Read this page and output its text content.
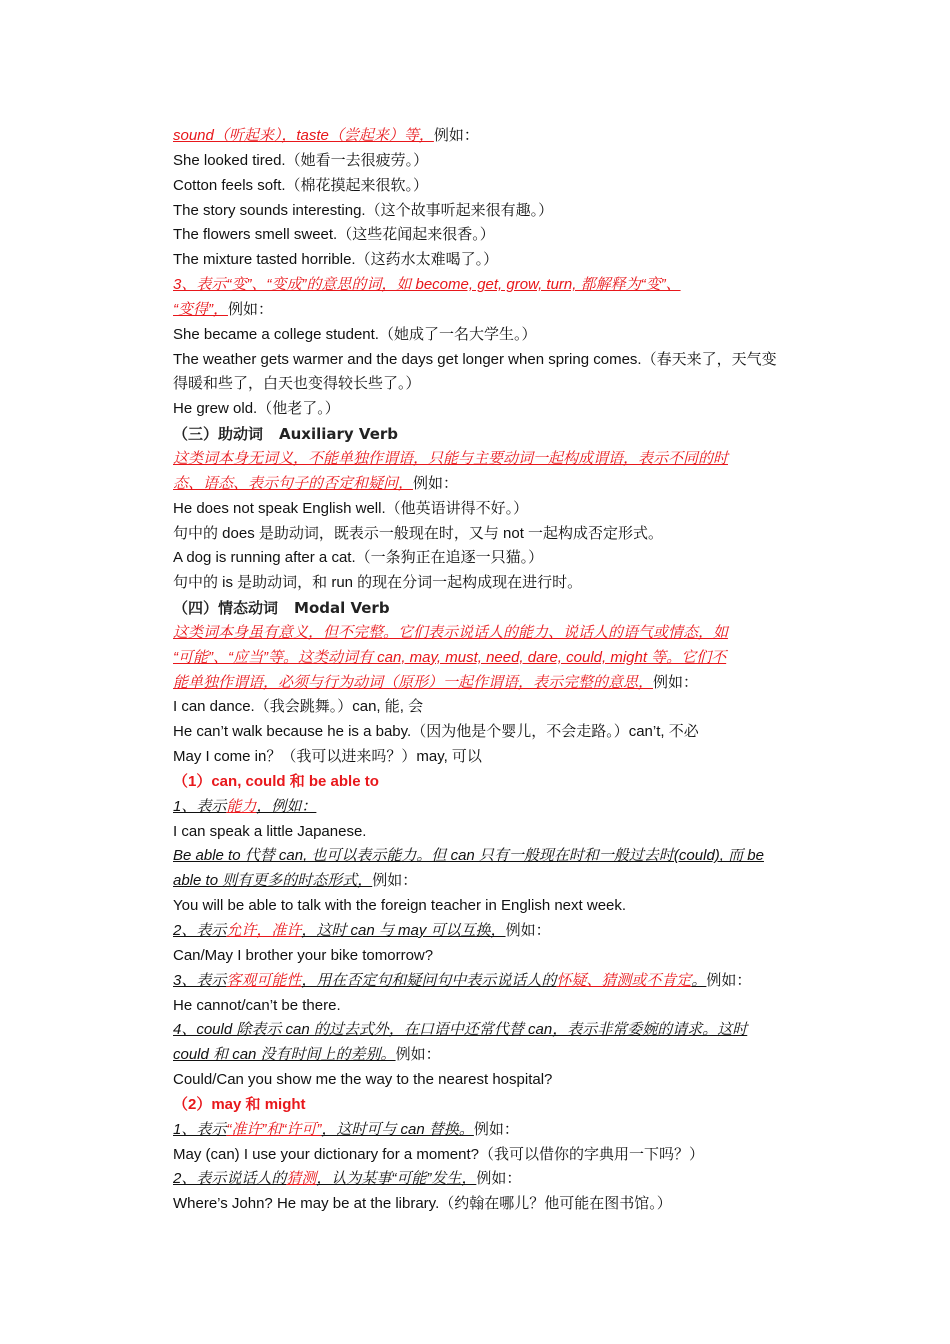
sound（听起来），taste（尝起来）等，例如：
She looked tired.（她看一去很疲劳。）
Cotton feels soft.（棉花摸起来很软。）
The story sounds interesting.（这个故事听起来很有趣。）
The flowers smell sweet.（这些花闻起来很香。）
The mixture tasted horrible.（这药水太难喝了。）
3、表示“变”、“变成”的意思的词，如 become, get, grow, turn, 都解释为“变”、
“变得”，例如：
She became a college student.（她成了一名大学生。）
The weather gets warmer and the days get longer when spring comes.（春天来了，天气变
得暖和些了，白天也变得较长些了。）
He grew old.（他老了。）
（三）助动词 Auxiliary Verb
这类词本身无词义，不能单独作谓语，只能与主要动词一起构成谓语，表示不同的时
态、语态、表示句子的否定和疑问，例如：
He does not speak English well.（他英语讲得不好。）
句中的 does 是助动词，既表示一般现在时，又与 not 一起构成否定形式。
A dog is running after a cat.（一条狗正在追逐一只猫。）
句中的 is 是助动词，和 run 的现在分词一起构成现在进行时。
（四）情态动词 Modal Verb
这类词本身虽有意义，但不完整。它们表示说话人的能力、说话人的语气或情态，如
“可能”、“应当”等。这类动词有 can, may, must, need, dare, could, might 等。它们不
能单独作谓语，必须与行为动词（原形）一起作谓语，表示完整的意思，例如：
I can dance.（我会跳舞。）can, 能, 会
He can’t walk because he is a baby.（因为他是个婴儿，不会走路。）can’t, 不必
May I come in？（我可以进来吗？）may, 可以
（1）can, could 和 be able to
1、表示能力，例如：
I can speak a little Japanese.
Be able to 代替 can, 也可以表示能力。但 can 只有一般现在时和一般过去时(could), 而 be
able to 则有更多的时态形式，例如：
You will be able to talk with the foreign teacher in English next week.
2、表示允许，准许，这时 can 与 may 可以互换，例如：
Can/May I brother your bike tomorrow?
3、表示客观可能性，用在否定句和疑问句中表示说话人的怀疑、猜测或不肯定。例如：
He cannot/can’t be there.
4、could 除表示 can 的过去式外，在口语中还常代替 can，表示非常委婉的请求。这时
could 和 can 没有时间上的差别。例如：
Could/Can you show me the way to the nearest hospital?
（2）may 和 might
1、表示“准许”和“许可”，这时可与 can 替换。例如：
May (can) I use your dictionary for a moment?（我可以借你的字典用一下吗？）
2、表示说话人的猜测，认为某事“可能”发生，例如：
Where’s John? He may be at the library.（约翰在哪儿？他可能在图书馆。）
